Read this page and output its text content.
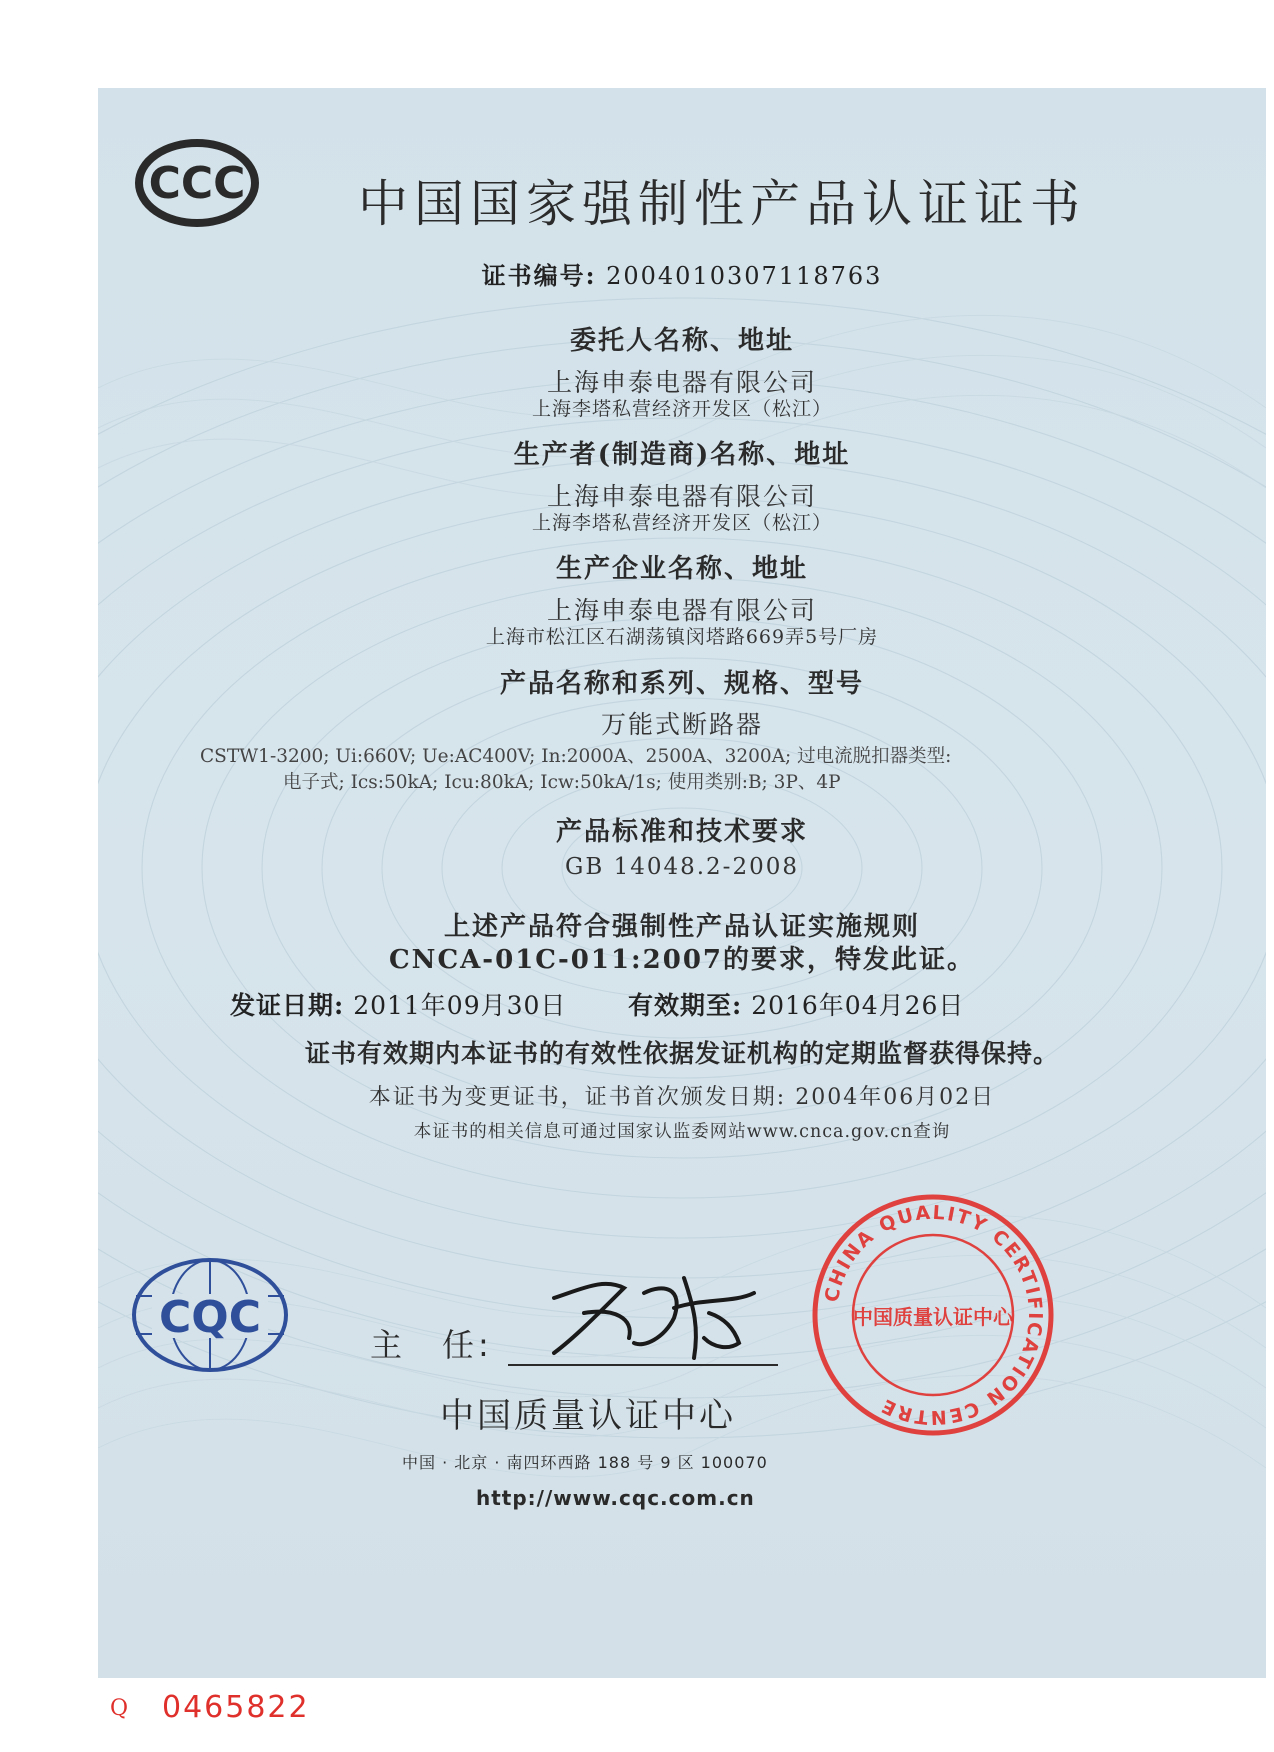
CCC 中国国家强制性产品认证证书
证书编号: 2004010307118763
委托人名称、地址
上海申泰电器有限公司
上海李塔私营经济开发区（松江）
生产者(制造商)名称、地址
上海申泰电器有限公司
上海李塔私营经济开发区（松江）
生产企业名称、地址
上海申泰电器有限公司
上海市松江区石湖荡镇闵塔路669弄5号厂房
产品名称和系列、规格、型号
万能式断路器
CSTW1-3200; Ui:660V; Ue:AC400V; In:2000A、2500A、3200A; 过电流脱扣器类型:
电子式; Ics:50kA; Icu:80kA; Icw:50kA/1s; 使用类别:B; 3P、4P
产品标准和技术要求
GB 14048.2-2008
上述产品符合强制性产品认证实施规则
CNCA-01C-011:2007的要求，特发此证。
发证日期: 2011年09月30日 有效期至: 2016年04月26日
证书有效期内本证书的有效性依据发证机构的定期监督获得保持。
本证书为变更证书，证书首次颁发日期: 2004年06月02日
本证书的相关信息可通过国家认监委网站www.cnca.gov.cn查询
CQC
主　任:
中国质量认证中心
中国 · 北京 · 南四环西路 188 号 9 区 100070
http://www.cqc.com.cn
CHINA QUALITY CERTIFICATION CENTRE
中国质量认证中心
Q 0465822
